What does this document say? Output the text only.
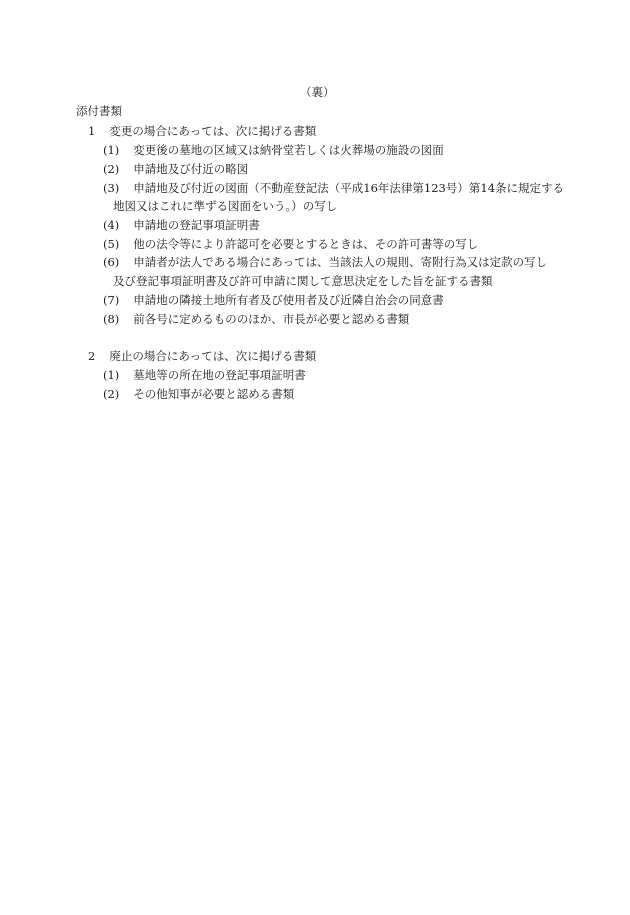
（裏）
添付書類
1 変更の場合にあっては、次に掲げる書類
(1) 変更後の墓地の区域又は納骨堂若しくは火葬場の施設の図面
(2) 申請地及び付近の略図
(3) 申請地及び付近の図面（不動産登記法（平成16年法律第123号）第14条に規定する
地図又はこれに準ずる図面をいう。）の写し
(4) 申請地の登記事項証明書
(5) 他の法令等により許認可を必要とするときは、その許可書等の写し
(6) 申請者が法人である場合にあっては、当該法人の規則、寄附行為又は定款の写し
及び登記事項証明書及び許可申請に関して意思決定をした旨を証する書類
(7) 申請地の隣接土地所有者及び使用者及び近隣自治会の同意書
(8) 前各号に定めるもののほか、市長が必要と認める書類
2 廃止の場合にあっては、次に掲げる書類
(1) 墓地等の所在地の登記事項証明書
(2) その他知事が必要と認める書類
